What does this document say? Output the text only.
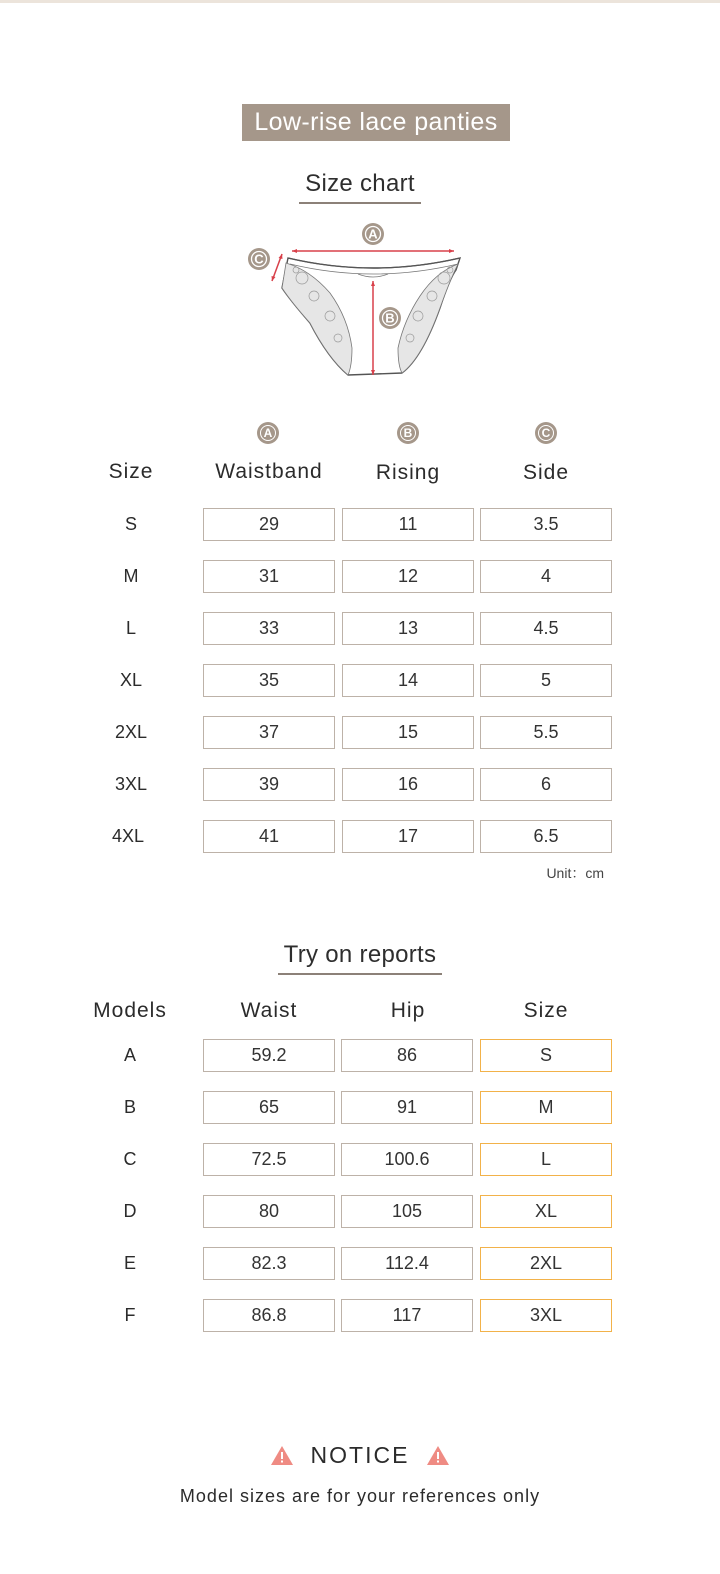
Low-rise lace panties
Size chart
A
B
C
A	B	C
Size	Waistband	Rising	Side
S	29	11	3.5
M	31	12	4
L	33	13	4.5
XL	35	14	5
2XL	37	15	5.5
3XL	39	16	6
4XL	41	17	6.5
Unit：cm
Try on reports
Models	Waist	Hip	Size
A	59.2	86	S
B	65	91	M
C	72.5	100.6	L
D	80	105	XL
E	82.3	112.4	2XL
F	86.8	117	3XL
NOTICE
Model sizes are for your references only
